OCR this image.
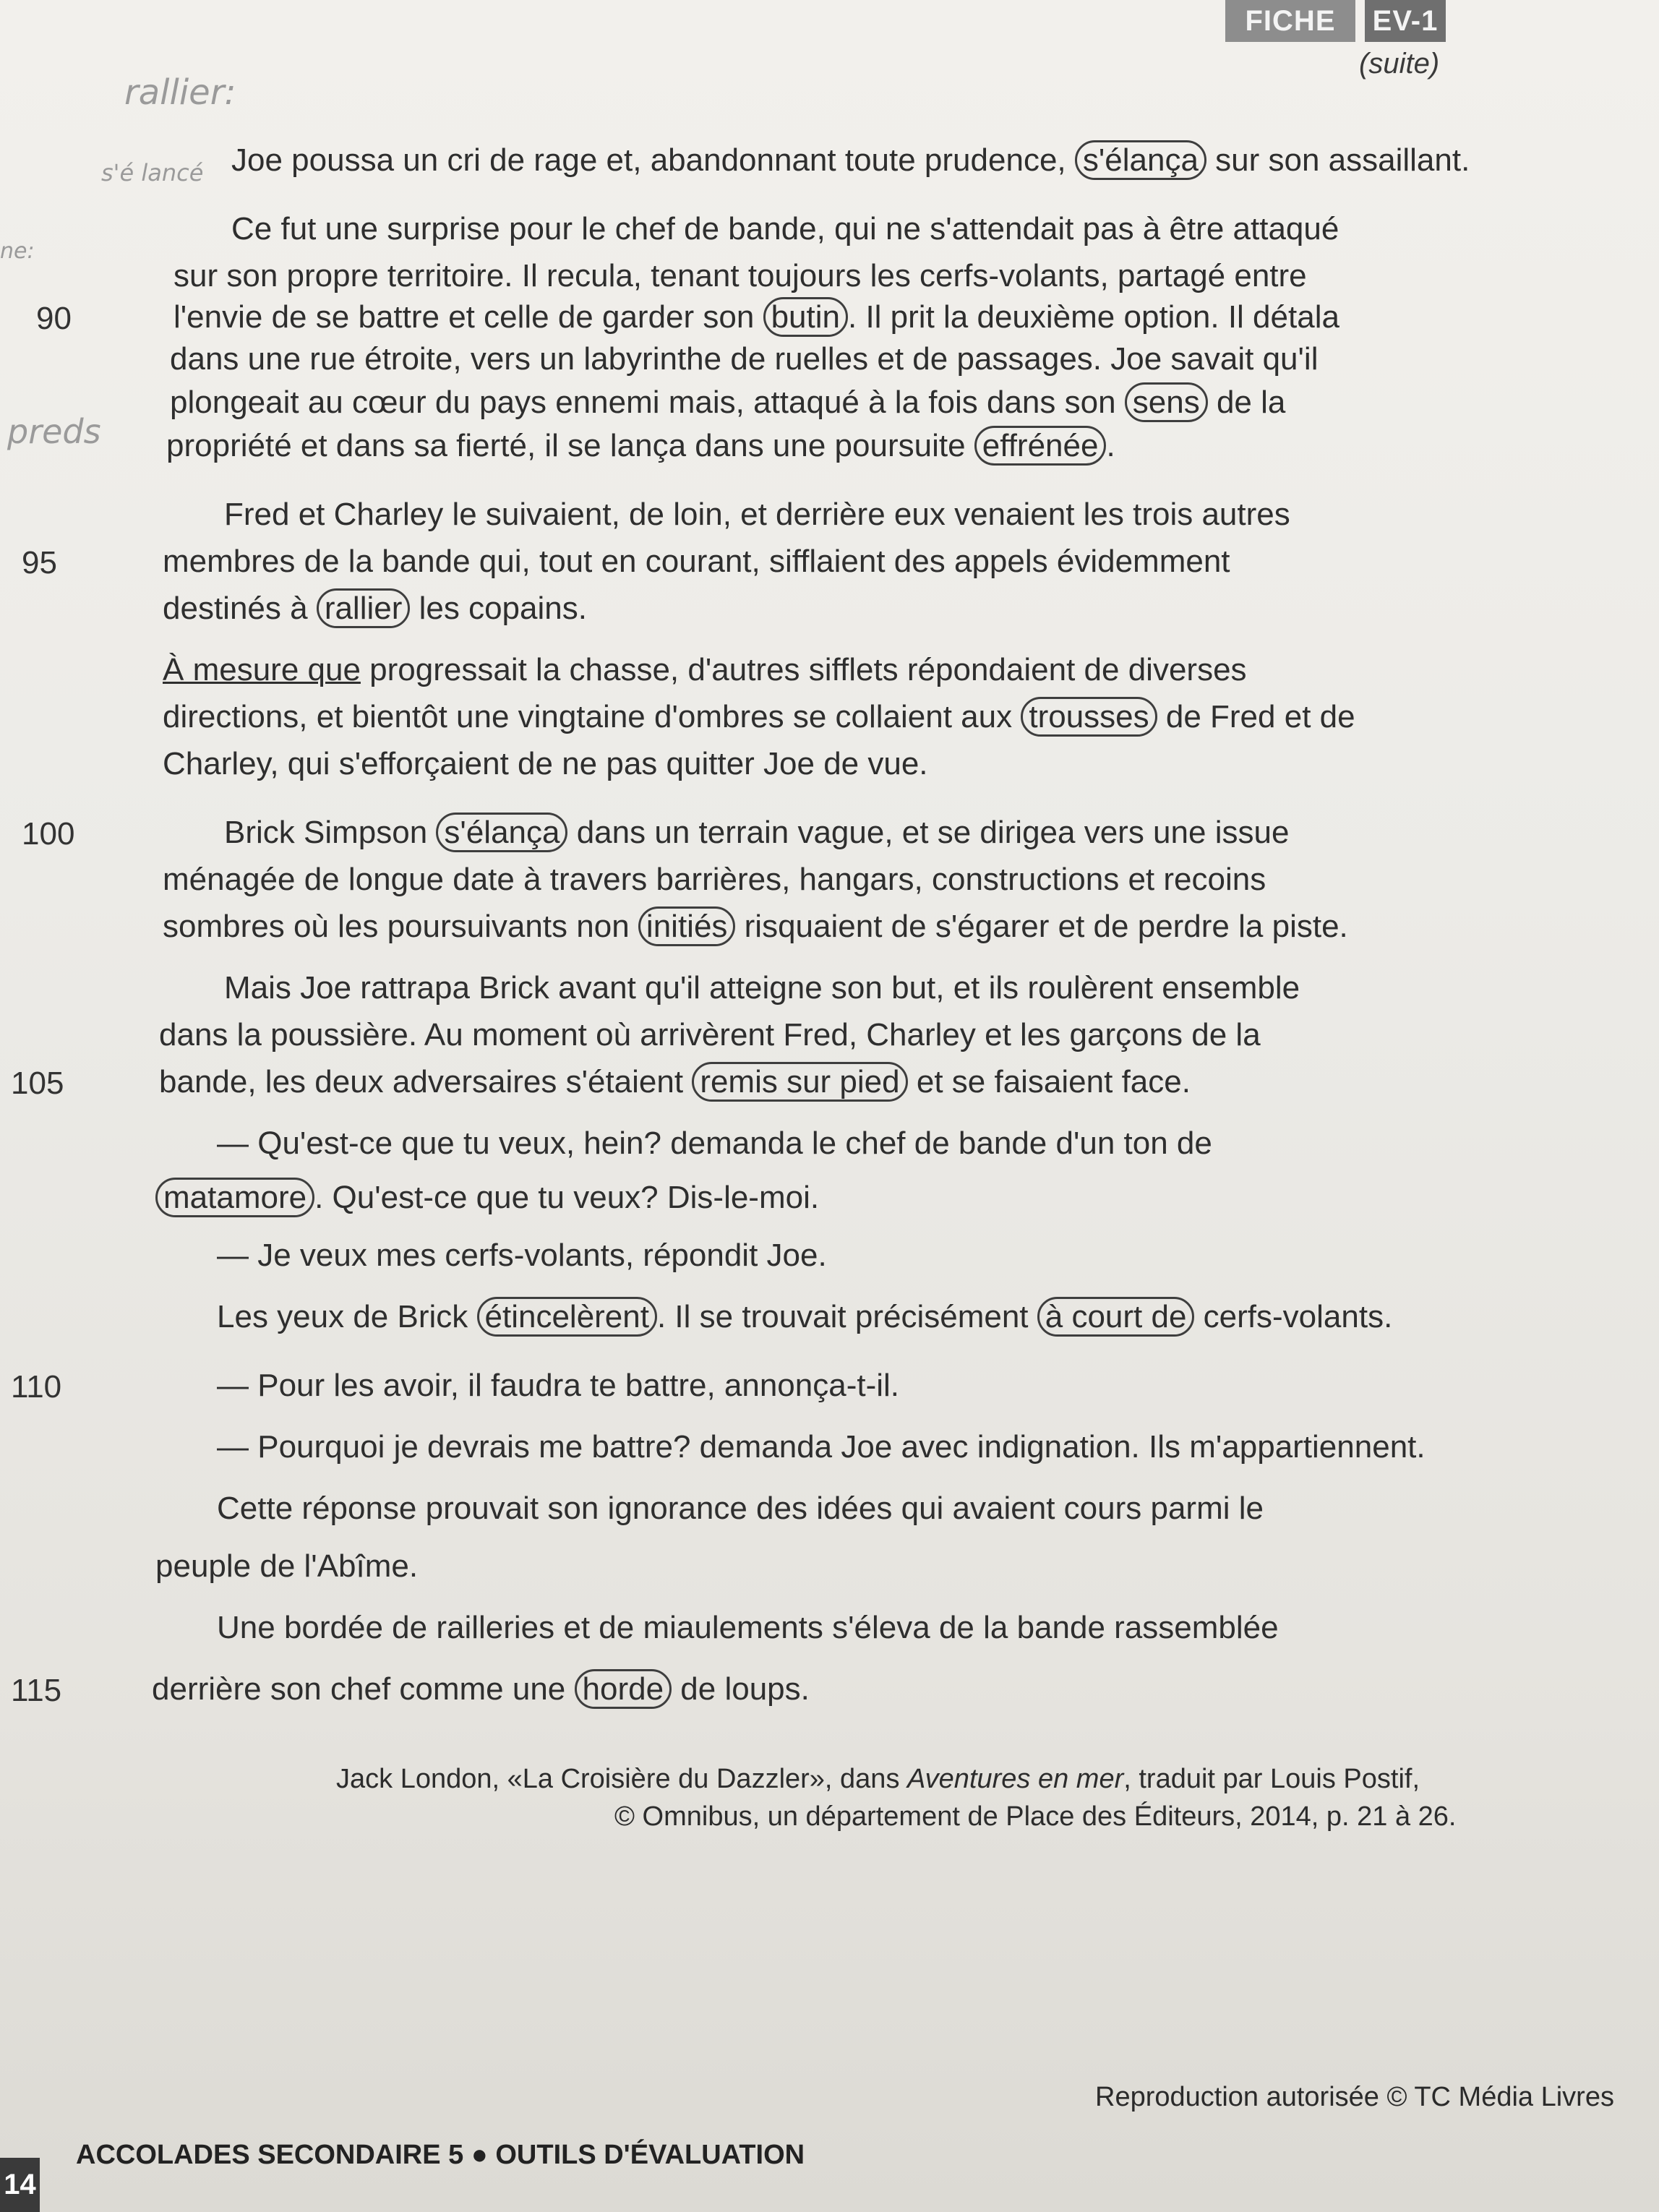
FICHE	EV-1
(suite)
rallier:
s'é lancé
ne:
preds
Joe poussa un cri de rage et, abandonnant toute prudence, s'élança sur son assaillant.
Ce fut une surprise pour le chef de bande, qui ne s'attendait pas à être attaqué
sur son propre territoire. Il recula, tenant toujours les cerfs-volants, partagé entre
90	l'envie de se battre et celle de garder son butin . Il prit la deuxième option. Il détala
dans une rue étroite, vers un labyrinthe de ruelles et de passages. Joe savait qu'il
plongeait au cœur du pays ennemi mais, attaqué à la fois dans son sens de la
propriété et dans sa fierté, il se lança dans une poursuite effrénée .
Fred et Charley le suivaient, de loin, et derrière eux venaient les trois autres
95	membres de la bande qui, tout en courant, sifflaient des appels évidemment
destinés à rallier les copains.
À mesure que progressait la chasse, d'autres sifflets répondaient de diverses
directions, et bientôt une vingtaine d'ombres se collaient aux trousses de Fred et de
Charley, qui s'efforçaient de ne pas quitter Joe de vue.
100	Brick Simpson s'élança dans un terrain vague, et se dirigea vers une issue
ménagée de longue date à travers barrières, hangars, constructions et recoins
sombres où les poursuivants non initiés risquaient de s'égarer et de perdre la piste.
Mais Joe rattrapa Brick avant qu'il atteigne son but, et ils roulèrent ensemble
dans la poussière. Au moment où arrivèrent Fred, Charley et les garçons de la
105	bande, les deux adversaires s'étaient remis sur pied et se faisaient face.
— Qu'est-ce que tu veux, hein? demanda le chef de bande d'un ton de
matamore . Qu'est-ce que tu veux? Dis-le-moi.
— Je veux mes cerfs-volants, répondit Joe.
Les yeux de Brick étincelèrent . Il se trouvait précisément à court de cerfs-volants.
110	— Pour les avoir, il faudra te battre, annonça-t-il.
— Pourquoi je devrais me battre? demanda Joe avec indignation. Ils m'appartiennent.
Cette réponse prouvait son ignorance des idées qui avaient cours parmi le
peuple de l'Abîme.
Une bordée de railleries et de miaulements s'éleva de la bande rassemblée
115	derrière son chef comme une horde de loups.
Jack London, «La Croisière du Dazzler», dans Aventures en mer, traduit par Louis Postif,
© Omnibus, un département de Place des Éditeurs, 2014, p. 21 à 26.
Reproduction autorisée © TC Média Livres
14
ACCOLADES SECONDAIRE 5 ● OUTILS D'ÉVALUATION
